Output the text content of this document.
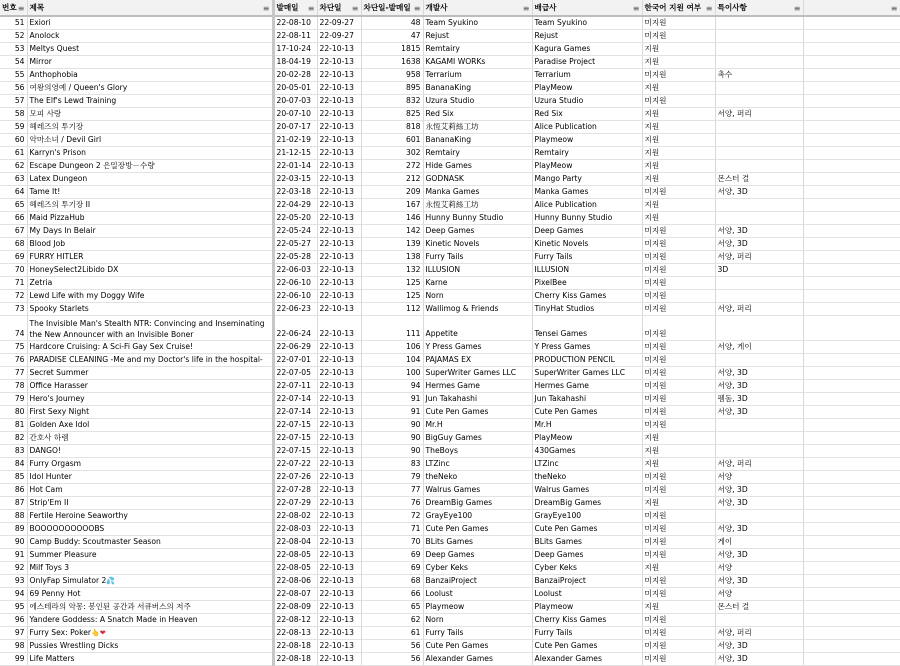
번호 ≡	제목 ≡	발매일 ≡	차단일 ≡	차단일-발매일 ≡	개발사 ≡	배급사 ≡	한국어 지원 여부 ≡	특이사항 ≡	≡

51	Exiori	22-08-10	22-09-27	48	Team Syukino	Team Syukino	미지원		
52	Anolock	22-08-11	22-09-27	47	Rejust	Rejust	미지원		
53	Meltys Quest	17-10-24	22-10-13	1815	Remtairy	Kagura Games	지원		
54	Mirror	18-04-19	22-10-13	1638	KAGAMI WORKs	Paradise Project	지원		
55	Anthophobia	20-02-28	22-10-13	958	Terrarium	Terrarium	미지원	촉수	
56	여왕의영예 / Queen's Glory	20-05-01	22-10-13	895	BananaKing	PlayMeow	지원		
57	The Elf's Lewd Training	20-07-03	22-10-13	832	Uzura Studio	Uzura Studio	미지원		
58	모피 사랑	20-07-10	22-10-13	825	Red Six	Red Six	지원	서양, 퍼리	
59	헤레즈의 투기장	20-07-17	22-10-13	818	永恆艾莉絲工坊	Alice Publication	지원		
60	악마소녀 / Devil Girl	21-02-19	22-10-13	601	BananaKing	Playmeow	지원		
61	Karryn's Prison	21-12-15	22-10-13	302	Remtairy	Remtairy	지원		
62	Escape Dungeon 2 은밀장방－수량	22-01-14	22-10-13	272	Hide Games	PlayMeow	지원		
63	Latex Dungeon	22-03-15	22-10-13	212	GODNASK	Mango Party	지원	몬스터 걸	
64	Tame It!	22-03-18	22-10-13	209	Manka Games	Manka Games	미지원	서양, 3D	
65	헤레즈의 투기장 II	22-04-29	22-10-13	167	永恆艾莉絲工坊	Alice Publication	지원		
66	Maid PizzaHub	22-05-20	22-10-13	146	Hunny Bunny Studio	Hunny Bunny Studio	지원		
67	My Days In Belair	22-05-24	22-10-13	142	Deep Games	Deep Games	미지원	서양, 3D	
68	Blood Job	22-05-27	22-10-13	139	Kinetic Novels	Kinetic Novels	미지원	서양, 3D	
69	FURRY HITLER	22-05-28	22-10-13	138	Furry Tails	Furry Tails	미지원	서양, 퍼리	
70	HoneySelect2Libido DX	22-06-03	22-10-13	132	ILLUSION	ILLUSION	미지원	3D	
71	Zetria	22-06-10	22-10-13	125	Karne	PixelBee	미지원		
72	Lewd Life with my Doggy Wife	22-06-10	22-10-13	125	Norn	Cherry Kiss Games	미지원		
73	Spooky Starlets	22-06-23	22-10-13	112	Wallimog & Friends	TinyHat Studios	미지원	서양, 퍼리	
74	The Invisible Man's Stealth NTR: Convincing and Inseminating the New Announcer with an Invisible Boner	22-06-24	22-10-13	111	Appetite	Tensei Games	미지원		
75	Hardcore Cruising: A Sci-Fi Gay Sex Cruise!	22-06-29	22-10-13	106	Y Press Games	Y Press Games	미지원	서양, 게이	
76	PARADISE CLEANING -Me and my Doctor's life in the hospital-	22-07-01	22-10-13	104	PAJAMAS EX	PRODUCTION PENCIL	미지원		
77	Secret Summer	22-07-05	22-10-13	100	SuperWriter Games LLC	SuperWriter Games LLC	미지원	서양, 3D	
78	Office Harasser	22-07-11	22-10-13	94	Hermes Game	Hermes Game	미지원	서양, 3D	
79	Hero's Journey	22-07-14	22-10-13	91	Jun Takahashi	Jun Takahashi	미지원	펨돔, 3D	
80	First Sexy Night	22-07-14	22-10-13	91	Cute Pen Games	Cute Pen Games	미지원	서양, 3D	
81	Golden Axe Idol	22-07-15	22-10-13	90	Mr.H	Mr.H	미지원		
82	간호사 하렘	22-07-15	22-10-13	90	BigGuy Games	PlayMeow	지원		
83	DANGO!	22-07-15	22-10-13	90	TheBoys	430Games	지원		
84	Furry Orgasm	22-07-22	22-10-13	83	LTZinc	LTZinc	지원	서양, 퍼리	
85	Idol Hunter	22-07-26	22-10-13	79	theNeko	theNeko	미지원	서양	
86	Hot Cam	22-07-28	22-10-13	77	Walrus Games	Walrus Games	미지원	서양, 3D	
87	Strip'Em II	22-07-29	22-10-13	76	DreamBig Games	DreamBig Games	지원	서양, 3D	
88	Fertile Heroine Seaworthy	22-08-02	22-10-13	72	GrayEye100	GrayEye100	미지원		
89	BOOOOOOOOOOBS	22-08-03	22-10-13	71	Cute Pen Games	Cute Pen Games	미지원	서양, 3D	
90	Camp Buddy: Scoutmaster Season	22-08-04	22-10-13	70	BLits Games	BLits Games	미지원	게이	
91	Summer Pleasure	22-08-05	22-10-13	69	Deep Games	Deep Games	미지원	서양, 3D	
92	Milf Toys 3	22-08-05	22-10-13	69	Cyber Keks	Cyber Keks	지원	서양	
93	OnlyFap Simulator 2💦	22-08-06	22-10-13	68	BanzaiProject	BanzaiProject	미지원	서양, 3D	
94	69 Penny Hot	22-08-07	22-10-13	66	Loolust	Loolust	미지원	서양	
95	에스테라의 악몽: 봉인된 공간과 서큐버스의 저주	22-08-09	22-10-13	65	Playmeow	Playmeow	지원	몬스터 걸	
96	Yandere Goddess: A Snatch Made in Heaven	22-08-12	22-10-13	62	Norn	Cherry Kiss Games	미지원		
97	Furry Sex: Poker👆❤	22-08-13	22-10-13	61	Furry Tails	Furry Tails	미지원	서양, 퍼리	
98	Pussies Wrestling Dicks	22-08-18	22-10-13	56	Cute Pen Games	Cute Pen Games	미지원	서양, 3D	
99	Life Matters	22-08-18	22-10-13	56	Alexander Games	Alexander Games	미지원	서양, 3D	
